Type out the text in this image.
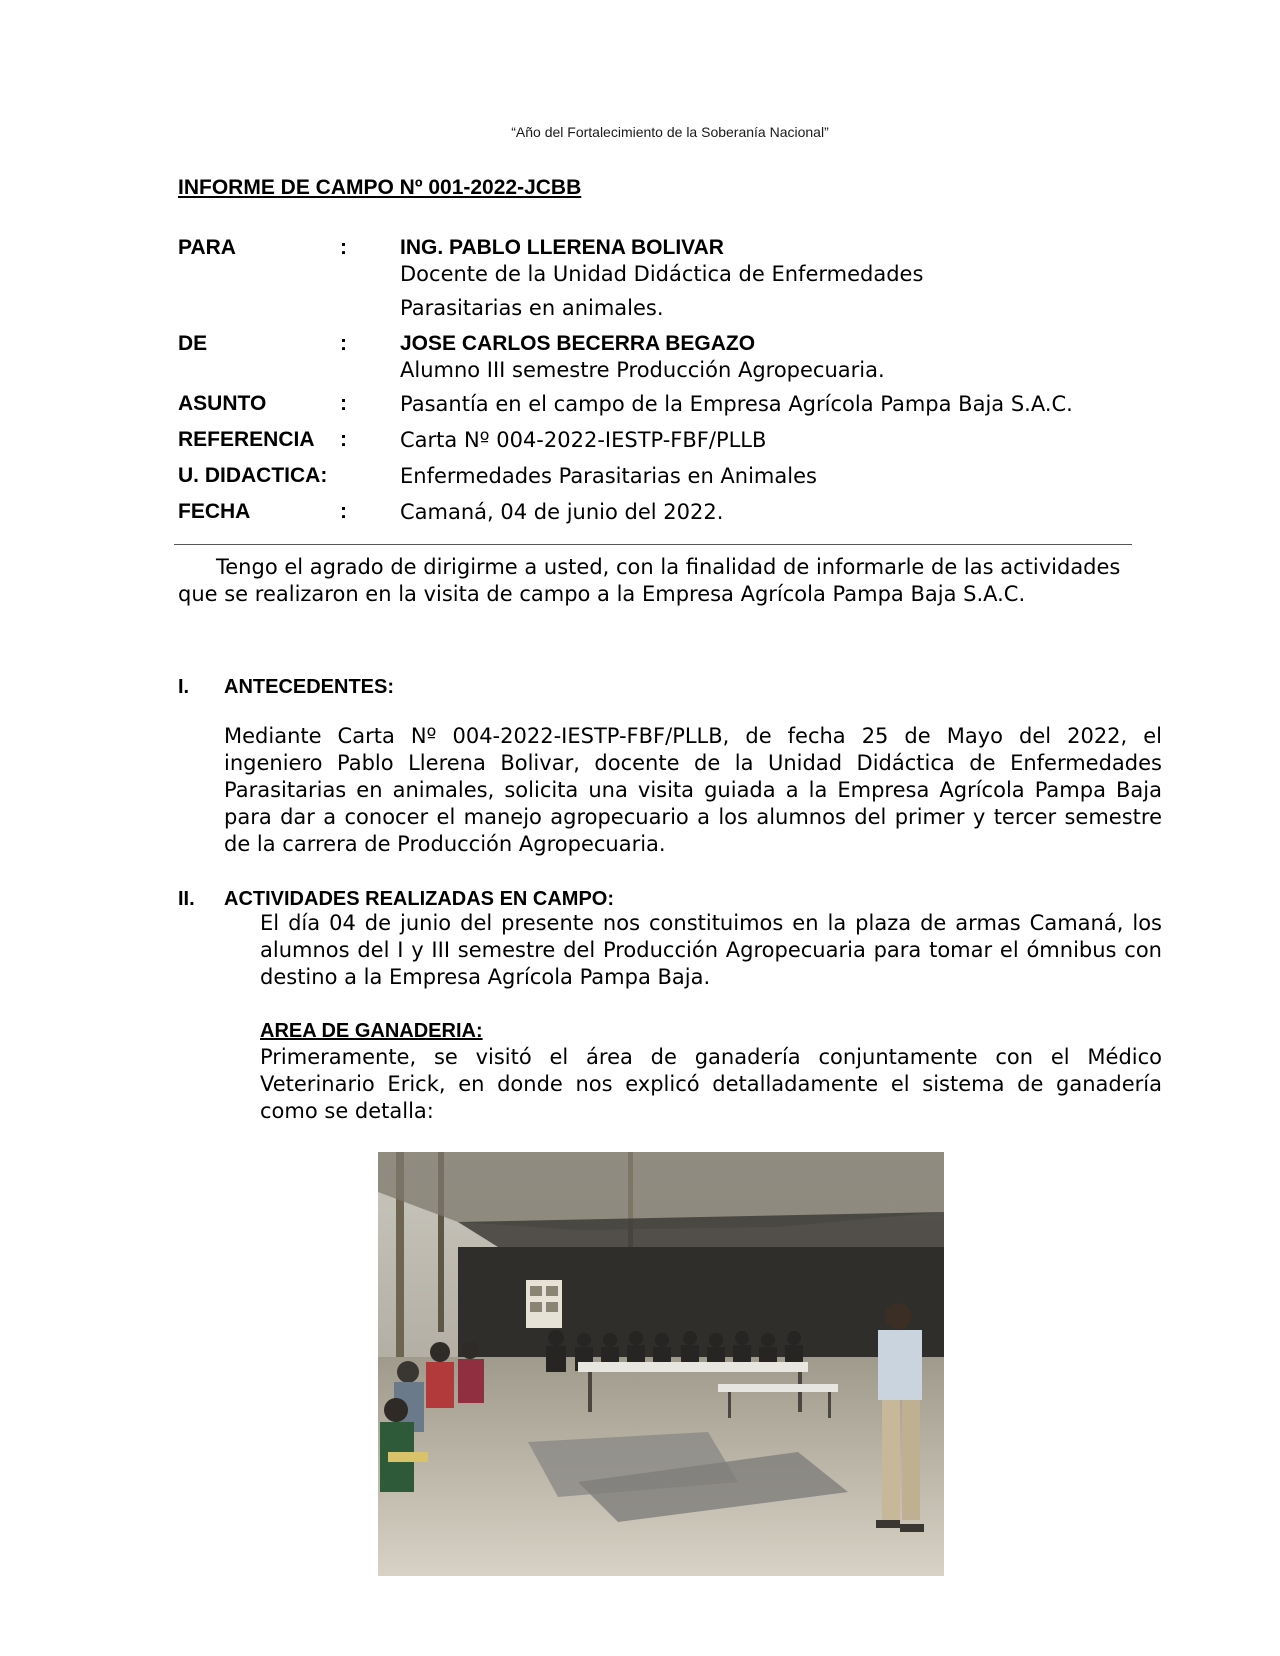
“Año del Fortalecimiento de la Soberanía Nacional”

INFORME DE CAMPO Nº 001-2022-JCBB

PARA	:	ING. PABLO LLERENA BOLIVAR
Docente de la Unidad Didáctica de Enfermedades
Parasitarias en animales.
DE	:	JOSE CARLOS BECERRA BEGAZO
Alumno III semestre Producción Agropecuaria.
ASUNTO	:	Pasantía en el campo de la Empresa Agrícola Pampa Baja S.A.C.
REFERENCIA :	Carta Nº 004-2022-IESTP-FBF/PLLB
U. DIDACTICA:	Enfermedades Parasitarias en Animales
FECHA	:	Camaná, 04 de junio del 2022.

Tengo el agrado de dirigirme a usted, con la finalidad de informarle de las actividades que se realizaron en la visita de campo a la Empresa Agrícola Pampa Baja S.A.C.

I. ANTECEDENTES:

Mediante Carta Nº 004-2022-IESTP-FBF/PLLB, de fecha 25 de Mayo del 2022, el ingeniero Pablo Llerena Bolivar, docente de la Unidad Didáctica de Enfermedades Parasitarias en animales, solicita una visita guiada a la Empresa Agrícola Pampa Baja para dar a conocer el manejo agropecuario a los alumnos del primer y tercer semestre de la carrera de Producción Agropecuaria.

II. ACTIVIDADES REALIZADAS EN CAMPO:

El día 04 de junio del presente nos constituimos en la plaza de armas Camaná, los alumnos del I y III semestre del Producción Agropecuaria para tomar el ómnibus con destino a la Empresa Agrícola Pampa Baja.

AREA DE GANADERIA:

Primeramente, se visitó el área de ganadería conjuntamente con el Médico Veterinario Erick, en donde nos explicó detalladamente el sistema de ganadería como se detalla:
